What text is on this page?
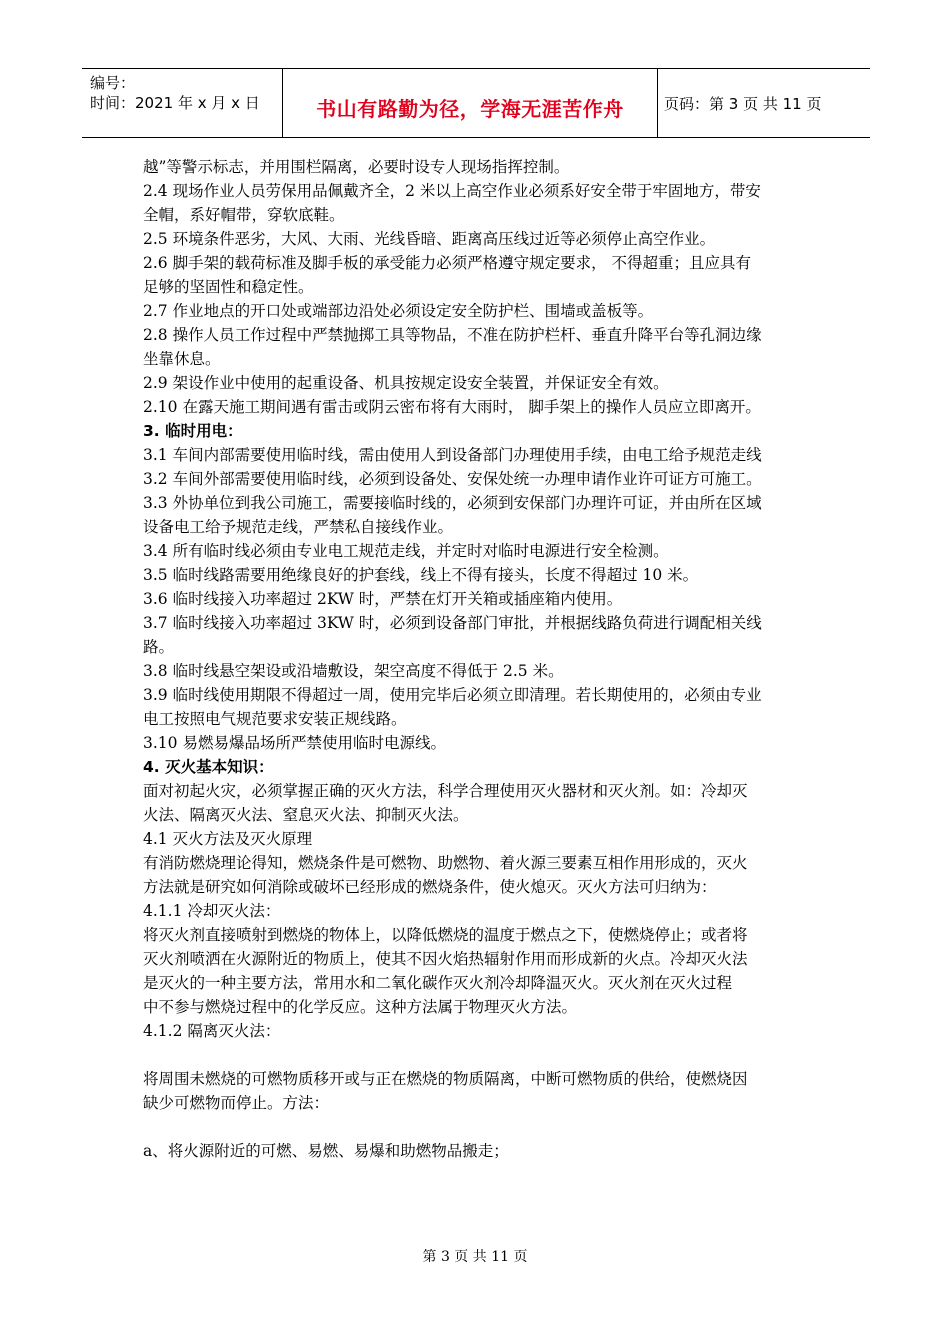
编号：
时间：2021 年 x 月 x 日	书山有路勤为径，学海无涯苦作舟	页码：第 3 页 共 11 页
越”等警示标志，并用围栏隔离，必要时设专人现场指挥控制。
2.4 现场作业人员劳保用品佩戴齐全，2 米以上高空作业必须系好安全带于牢固地方，带安
全帽，系好帽带，穿软底鞋。
2.5 环境条件恶劣，大风、大雨、光线昏暗、距离高压线过近等必须停止高空作业。
2.6 脚手架的载荷标准及脚手板的承受能力必须严格遵守规定要求， 不得超重；且应具有
足够的坚固性和稳定性。
2.7 作业地点的开口处或端部边沿处必须设定安全防护栏、围墙或盖板等。
2.8 操作人员工作过程中严禁抛掷工具等物品，不准在防护栏杆、垂直升降平台等孔洞边缘
坐靠休息。
2.9 架设作业中使用的起重设备、机具按规定设安全装置，并保证安全有效。
2.10 在露天施工期间遇有雷击或阴云密布将有大雨时， 脚手架上的操作人员应立即离开。
3. 临时用电：
3.1 车间内部需要使用临时线，需由使用人到设备部门办理使用手续，由电工给予规范走线
3.2 车间外部需要使用临时线，必须到设备处、安保处统一办理申请作业许可证方可施工。
3.3 外协单位到我公司施工，需要接临时线的，必须到安保部门办理许可证，并由所在区域
设备电工给予规范走线，严禁私自接线作业。
3.4 所有临时线必须由专业电工规范走线，并定时对临时电源进行安全检测。
3.5 临时线路需要用绝缘良好的护套线，线上不得有接头，长度不得超过 10 米。
3.6 临时线接入功率超过 2KW 时，严禁在灯开关箱或插座箱内使用。
3.7 临时线接入功率超过 3KW 时，必须到设备部门审批，并根据线路负荷进行调配相关线
路。
3.8 临时线悬空架设或沿墙敷设，架空高度不得低于 2.5 米。
3.9 临时线使用期限不得超过一周，使用完毕后必须立即清理。若长期使用的，必须由专业
电工按照电气规范要求安装正规线路。
3.10 易燃易爆品场所严禁使用临时电源线。
4. 灭火基本知识：
面对初起火灾，必须掌握正确的灭火方法，科学合理使用灭火器材和灭火剂。如：冷却灭
火法、隔离灭火法、窒息灭火法、抑制灭火法。
4.1 灭火方法及灭火原理
有消防燃烧理论得知，燃烧条件是可燃物、助燃物、着火源三要素互相作用形成的，灭火
方法就是研究如何消除或破坏已经形成的燃烧条件，使火熄灭。灭火方法可归纳为：
4.1.1 冷却灭火法：
将灭火剂直接喷射到燃烧的物体上，以降低燃烧的温度于燃点之下，使燃烧停止；或者将
灭火剂喷洒在火源附近的物质上，使其不因火焰热辐射作用而形成新的火点。冷却灭火法
是灭火的一种主要方法，常用水和二氧化碳作灭火剂冷却降温灭火。灭火剂在灭火过程
中不参与燃烧过程中的化学反应。这种方法属于物理灭火方法。
4.1.2 隔离灭火法：
将周围未燃烧的可燃物质移开或与正在燃烧的物质隔离，中断可燃物质的供给，使燃烧因
缺少可燃物而停止。方法：
a、将火源附近的可燃、易燃、易爆和助燃物品搬走；
第 3 页 共 11 页
